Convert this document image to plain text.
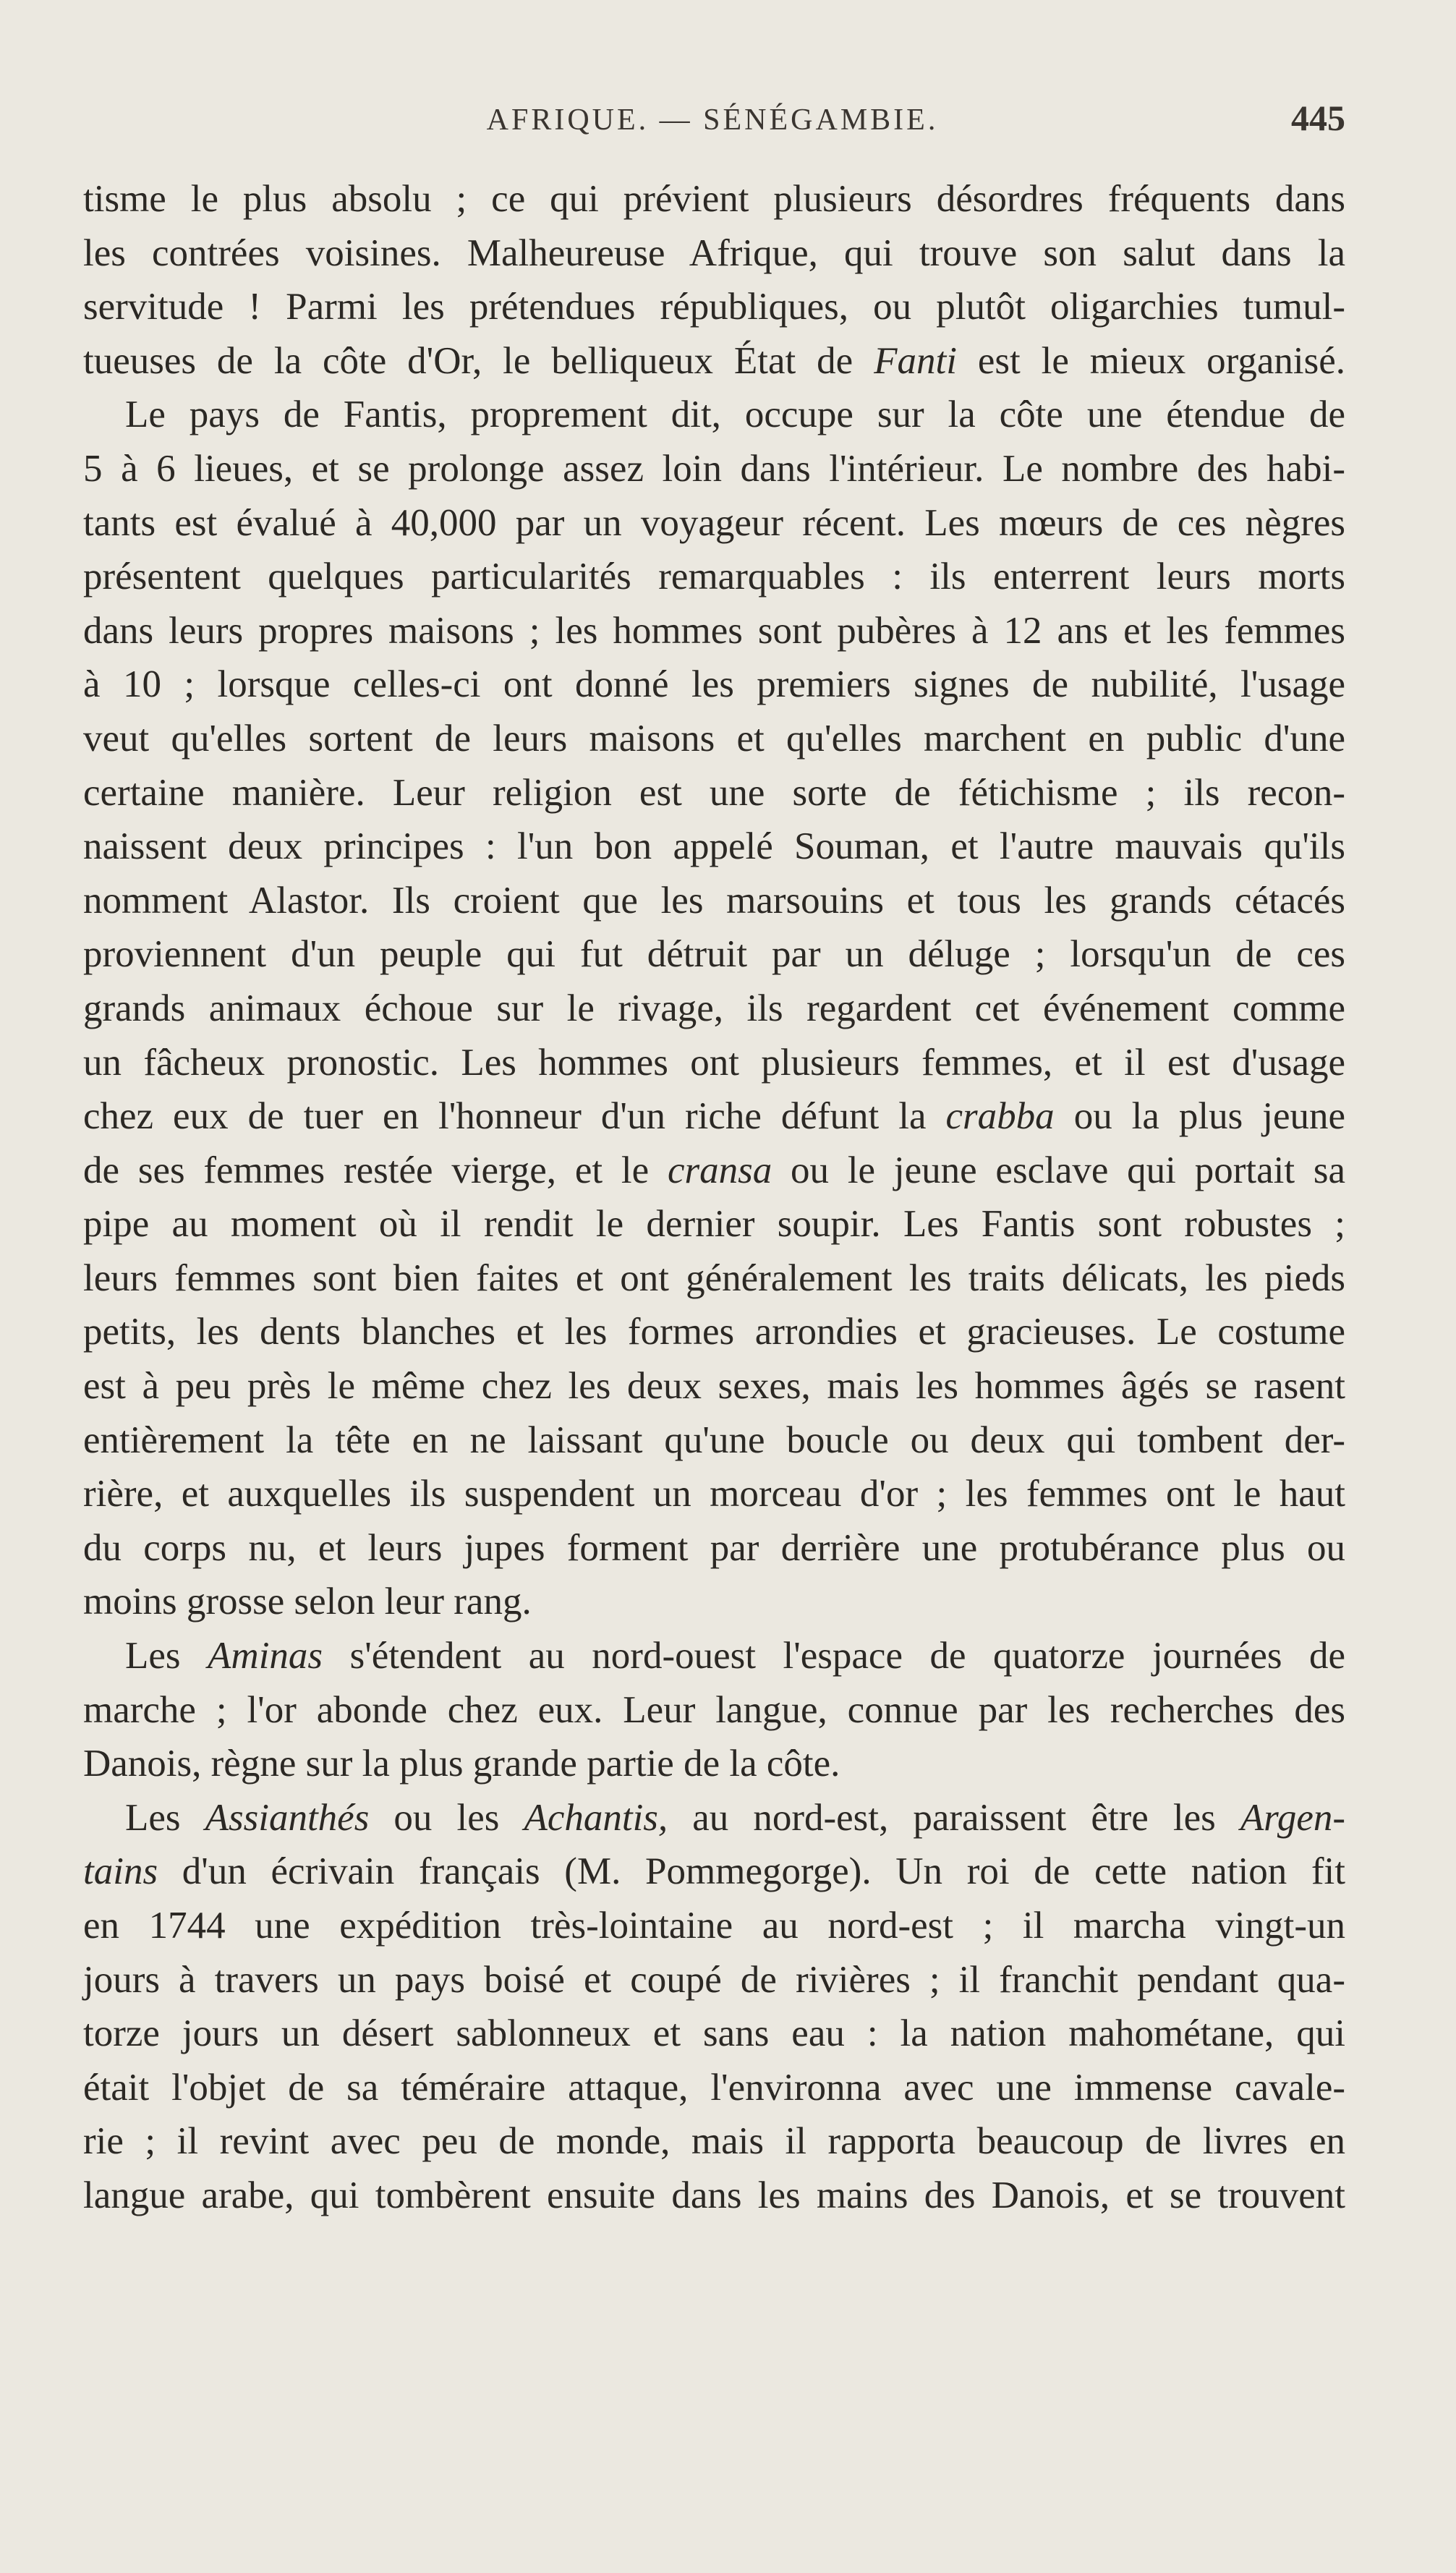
AFRIQUE. — SÉNÉGAMBIE.	445
tisme le plus absolu ; ce qui prévient plusieurs désordres fréquents dans
les contrées voisines. Malheureuse Afrique, qui trouve son salut dans la
servitude ! Parmi les prétendues républiques, ou plutôt oligarchies tumul-
tueuses de la côte d'Or, le belliqueux État de Fanti est le mieux organisé.
Le pays de Fantis, proprement dit, occupe sur la côte une étendue de
5 à 6 lieues, et se prolonge assez loin dans l'intérieur. Le nombre des habi-
tants est évalué à 40,000 par un voyageur récent. Les mœurs de ces nègres
présentent quelques particularités remarquables : ils enterrent leurs morts
dans leurs propres maisons ; les hommes sont pubères à 12 ans et les femmes
à 10 ; lorsque celles-ci ont donné les premiers signes de nubilité, l'usage
veut qu'elles sortent de leurs maisons et qu'elles marchent en public d'une
certaine manière. Leur religion est une sorte de fétichisme ; ils recon-
naissent deux principes : l'un bon appelé Souman, et l'autre mauvais qu'ils
nomment Alastor. Ils croient que les marsouins et tous les grands cétacés
proviennent d'un peuple qui fut détruit par un déluge ; lorsqu'un de ces
grands animaux échoue sur le rivage, ils regardent cet événement comme
un fâcheux pronostic. Les hommes ont plusieurs femmes, et il est d'usage
chez eux de tuer en l'honneur d'un riche défunt la crabba ou la plus jeune
de ses femmes restée vierge, et le cransa ou le jeune esclave qui portait sa
pipe au moment où il rendit le dernier soupir. Les Fantis sont robustes ;
leurs femmes sont bien faites et ont généralement les traits délicats, les pieds
petits, les dents blanches et les formes arrondies et gracieuses. Le costume
est à peu près le même chez les deux sexes, mais les hommes âgés se rasent
entièrement la tête en ne laissant qu'une boucle ou deux qui tombent der-
rière, et auxquelles ils suspendent un morceau d'or ; les femmes ont le haut
du corps nu, et leurs jupes forment par derrière une protubérance plus ou
moins grosse selon leur rang.
Les Aminas s'étendent au nord-ouest l'espace de quatorze journées de
marche ; l'or abonde chez eux. Leur langue, connue par les recherches des
Danois, règne sur la plus grande partie de la côte.
Les Assianthés ou les Achantis, au nord-est, paraissent être les Argen-
tains d'un écrivain français (M. Pommegorge). Un roi de cette nation fit
en 1744 une expédition très-lointaine au nord-est ; il marcha vingt-un
jours à travers un pays boisé et coupé de rivières ; il franchit pendant qua-
torze jours un désert sablonneux et sans eau : la nation mahométane, qui
était l'objet de sa téméraire attaque, l'environna avec une immense cavale-
rie ; il revint avec peu de monde, mais il rapporta beaucoup de livres en
langue arabe, qui tombèrent ensuite dans les mains des Danois, et se trouvent
